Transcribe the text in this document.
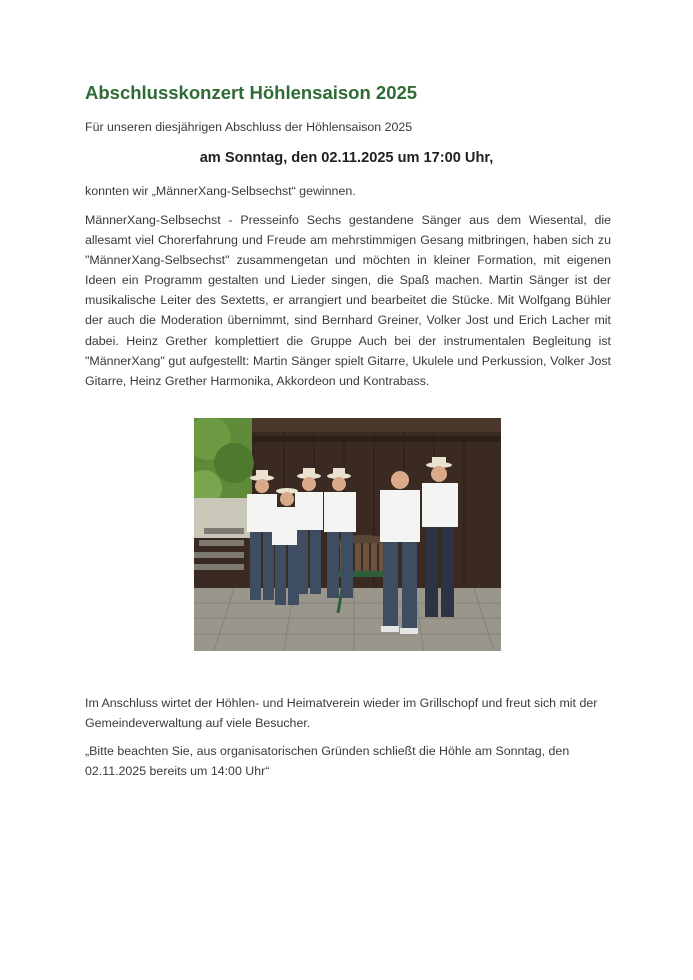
Abschlusskonzert Höhlensaison 2025

Für unseren diesjährigen Abschluss der Höhlensaison 2025

am Sonntag, den 02.11.2025 um 17:00 Uhr,

konnten wir „MännerXang-Selbsechst“ gewinnen.

MännerXang-Selbsechst - Presseinfo Sechs gestandene Sänger aus dem Wiesental, die allesamt viel Chorerfahrung und Freude am mehrstimmigen Gesang mitbringen, haben sich zu "MännerXang-Selbsechst" zusammengetan und möchten in kleiner Formation, mit eigenen Ideen ein Programm gestalten und Lieder singen, die Spaß machen. Martin Sänger ist der musikalische Leiter des Sextetts, er arrangiert und bearbeitet die Stücke. Mit Wolfgang Bühler der auch die Moderation übernimmt, sind Bernhard Greiner, Volker Jost und Erich Lacher mit dabei. Heinz Grether komplettiert die Gruppe Auch bei der instrumentalen Begleitung ist "MännerXang" gut aufgestellt: Martin Sänger spielt Gitarre, Ukulele und Perkussion, Volker Jost Gitarre, Heinz Grether Harmonika, Akkordeon und Kontrabass.

Im Anschluss wirtet der Höhlen- und Heimatverein wieder im Grillschopf und freut sich mit der Gemeindeverwaltung auf viele Besucher.

„Bitte beachten Sie, aus organisatorischen Gründen schließt die Höhle am Sonntag, den 02.11.2025 bereits um 14:00 Uhr“
